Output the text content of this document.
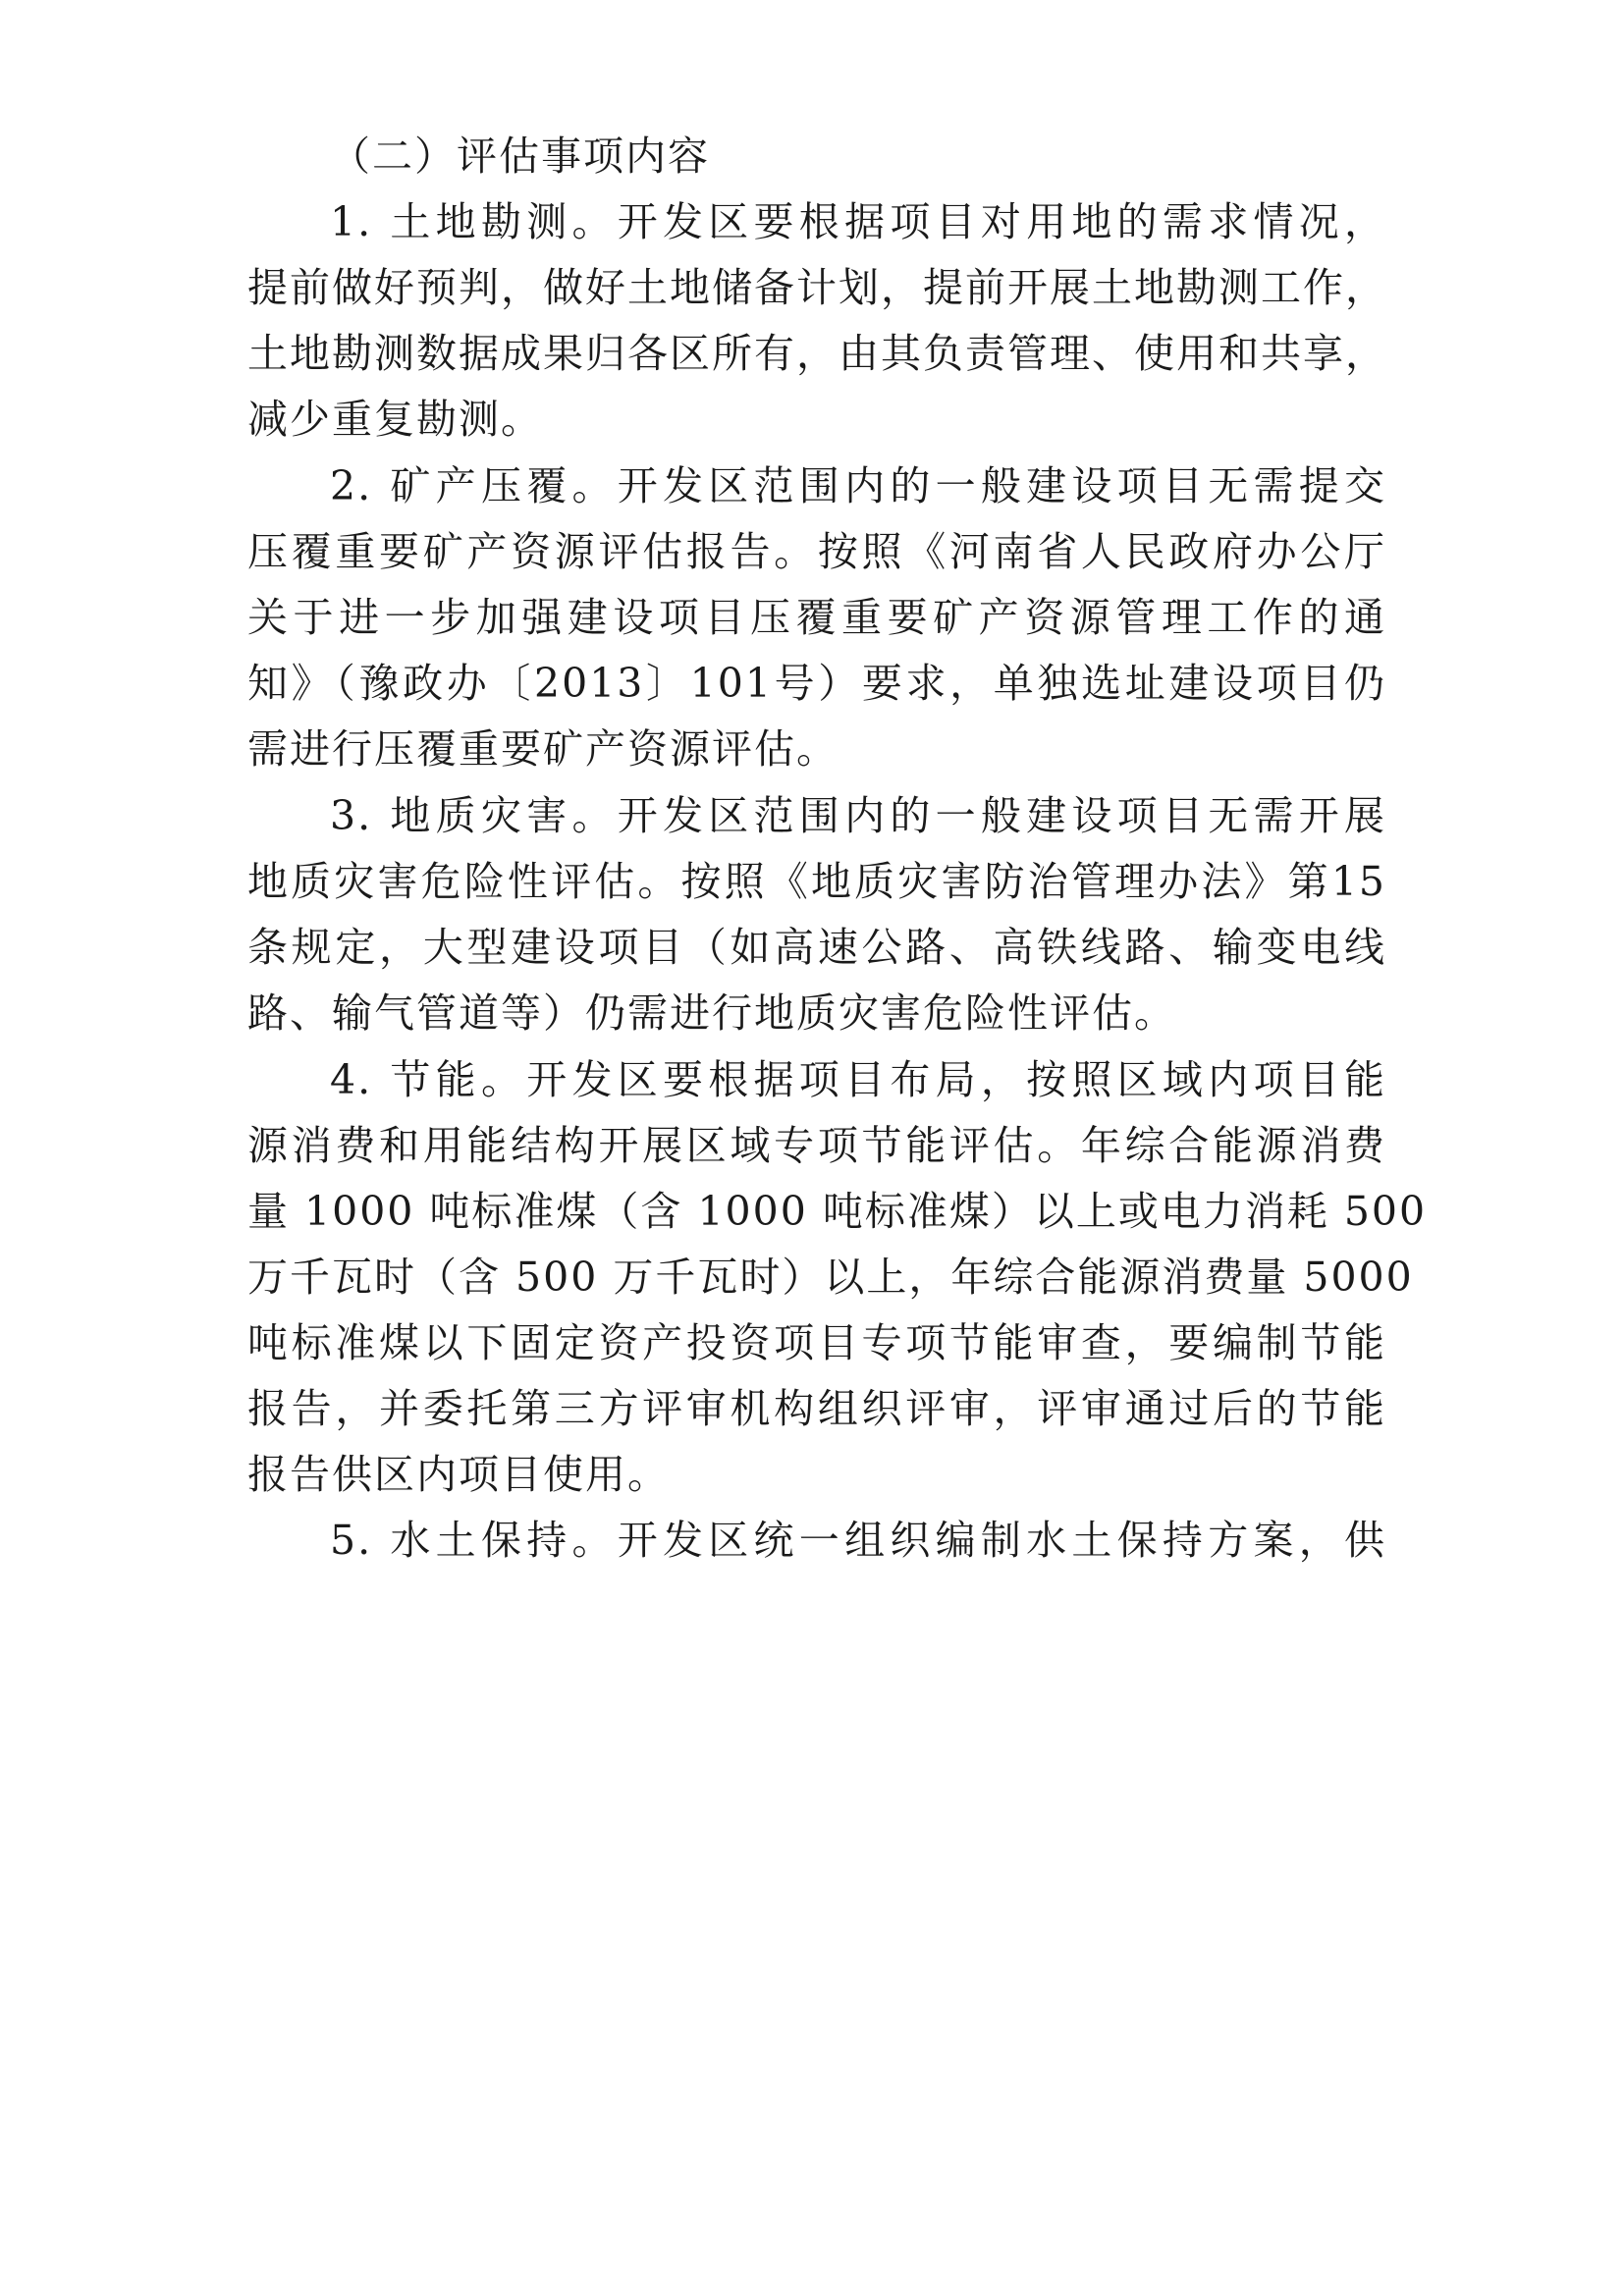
（二）评估事项内容
1. 土地勘测。开发区要根据项目对用地的需求情况，
提前做好预判，做好土地储备计划，提前开展土地勘测工作，
土地勘测数据成果归各区所有，由其负责管理、使用和共享，
减少重复勘测。
2. 矿产压覆。开发区范围内的一般建设项目无需提交
压覆重要矿产资源评估报告。按照《河南省人民政府办公厅
关于进一步加强建设项目压覆重要矿产资源管理工作的通
知》（豫政办〔2013〕101号）要求，单独选址建设项目仍
需进行压覆重要矿产资源评估。
3. 地质灾害。开发区范围内的一般建设项目无需开展
地质灾害危险性评估。按照《地质灾害防治管理办法》第15
条规定，大型建设项目（如高速公路、高铁线路、输变电线
路、输气管道等）仍需进行地质灾害危险性评估。
4. 节能。开发区要根据项目布局，按照区域内项目能
源消费和用能结构开展区域专项节能评估。年综合能源消费
量 1000 吨标准煤（含 1000 吨标准煤）以上或电力消耗 500
万千瓦时（含 500 万千瓦时）以上，年综合能源消费量 5000
吨标准煤以下固定资产投资项目专项节能审查，要编制节能
报告，并委托第三方评审机构组织评审，评审通过后的节能
报告供区内项目使用。
5. 水土保持。开发区统一组织编制水土保持方案，供
